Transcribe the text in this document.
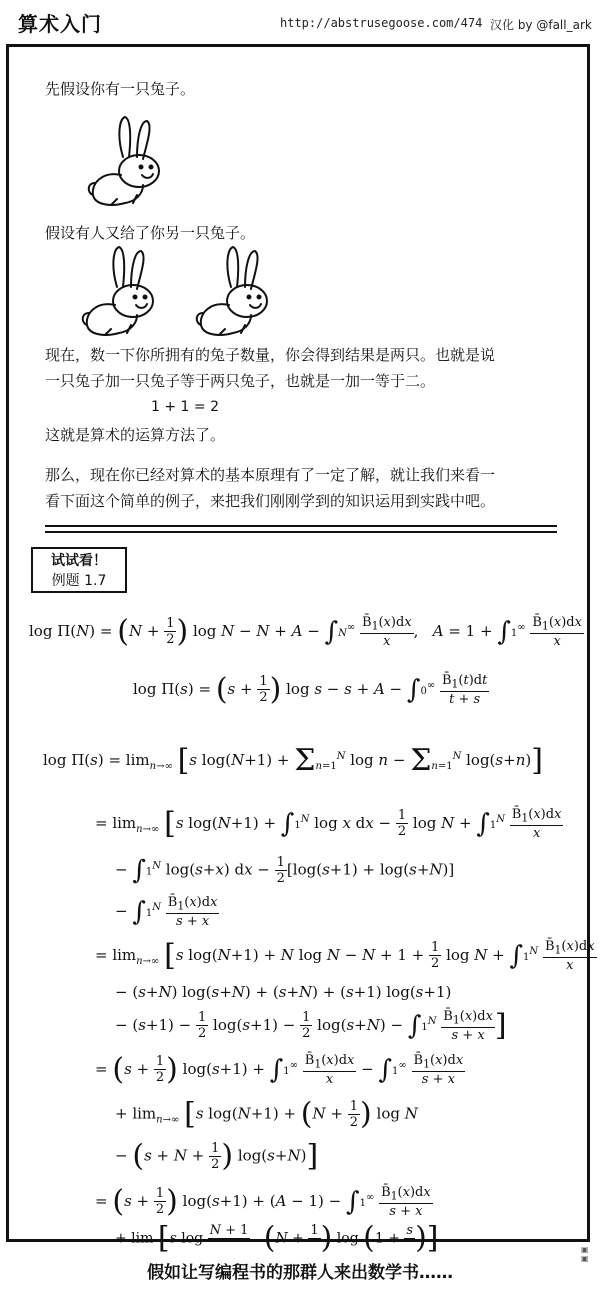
算术入门	http://abstrusegoose.com/474 汉化 by @fall_ark
先假设你有一只兔子。
假设有人又给了你另一只兔子。
现在，数一下你所拥有的兔子数量，你会得到结果是两只。也就是说
一只兔子加一只兔子等于两只兔子，也就是一加一等于二。
1 + 1 = 2
这就是算术的运算方法了。
那么，现在你已经对算术的基本原理有了一定了解，就让我们来看一
看下面这个简单的例子，来把我们刚刚学到的知识运用到实践中吧。
试试看！
例题 1.7
$\log \Pi(N) = (N + \frac{1}{2}$ ) $\log N - N + A - \int N^\infty \frac{B̄_1(x)dx}{x}$ ,   $A = 1 + \int 1^\infty \frac{B̄_1(x)dx}{x}$
$\log \Pi(s) = (s + \frac{1}{2}$ ) $\log s - s + A - \int 0^\infty \frac{B̄_1(t)dt}{t + s}$
$\log \Pi(s) = \lim_{n\to\infty} [s$ $\log(N+1) + \Sigma_{n=1}^N$ $\log n - \Sigma_{n=1}^N$ log(s+n)]
= $\lim_{n\to\infty} [s$ $\log(N+1) + \int 1^N$ log x dx − $\frac{1}{2}$ $\log N + \int 1^N \frac{B̄_1(x)dx}{x}$
− $\int 1^N$ log(s+x) dx − $\frac{1}{2} [\log(s+1) + \log(s+N)]$
− $\int 1^N \frac{B̄_1(x)dx}{s + x}$
= $\lim_{n\to\infty} [s$ log(N+1) + N $\log N - N + 1 + \frac{1}{2}$ $\log N + \int 1^N \frac{B̄_1(x)dx}{x}$
− (s+N) log(s+N) + (s+N) + (s+1) log(s+1)
− $(s+1) - \frac{1}{2} \log(s+1) - \frac{1}{2} \log(s+N) - \int 1^N \frac{B̄_1(x)dx}{s + x}$ ]
= ($s + \frac{1}{2}$ ) $\log(s+1) + \int 1^\infty \frac{B̄_1(x)dx}{x} - \int 1^\infty \frac{B̄_1(x)dx}{s + x}$
+ $\lim_{n\to\infty} [s$ $\log(N+1) + (N + \frac{1}{2}$ ) log N
− ($s + N + \frac{1}{2}$ ) log(s+N)]
= ($s + \frac{1}{2}$ ) $\log(s+1) + (A - 1) - \int 1^\infty \frac{B̄_1(x)dx}{s + x}$
+ lim [s log N + 1
(N + 1
) log (1 + s
)]	▣
▣
假如让写编程书的那群人来出数学书……
